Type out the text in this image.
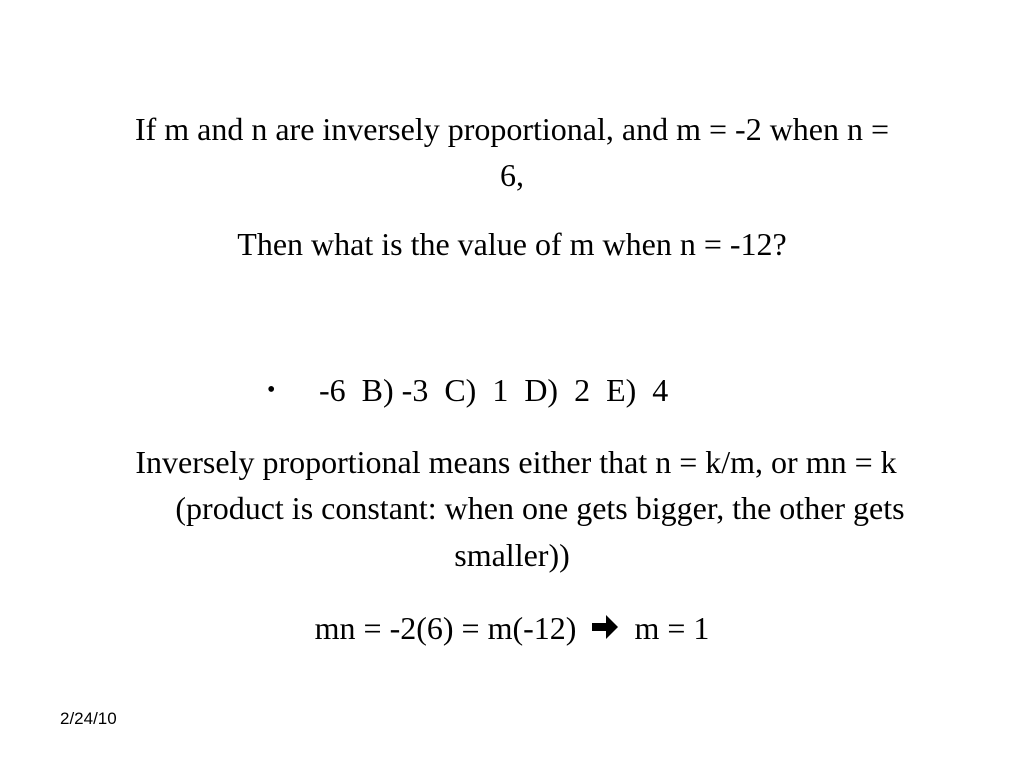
If m and n are inversely proportional, and m = -2 when n =
6,
Then what is the value of m when n = -12?
• -6  B) -3  C)  1  D)  2  E)  4
Inversely proportional means either that n = k/m, or mn = k
(product is constant: when one gets bigger, the other gets
smaller))
mn = -2(6) = m(-12) m = 1
2/24/10
